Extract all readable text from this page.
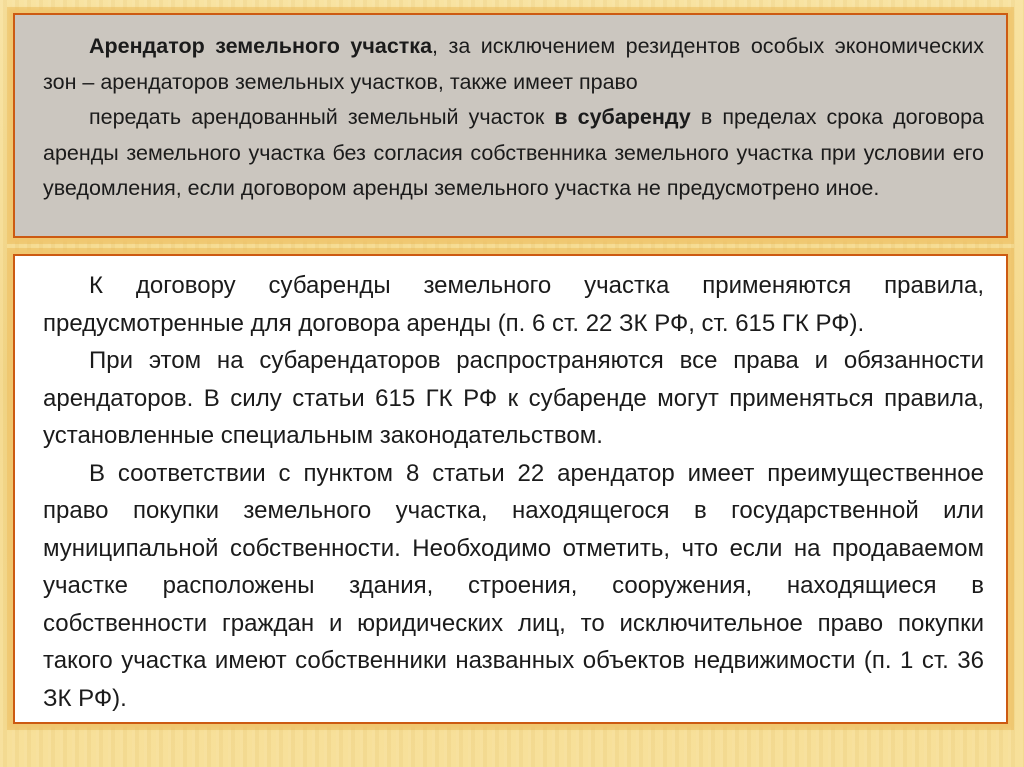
Арендатор земельного участка, за исключением резидентов особых экономических зон – арендаторов земельных участков, также имеет право

передать арендованный земельный участок в субаренду в пределах срока договора аренды земельного участка без согласия собственника земельного участка при условии его уведомления, если договором аренды земельного участка не предусмотрено иное.

К договору субаренды земельного участка применяются правила, предусмотренные для договора аренды (п. 6 ст. 22 ЗК РФ, ст. 615 ГК РФ).

При этом на субарендаторов распространяются все права и обязанности арендаторов. В силу статьи 615 ГК РФ к субаренде могут применяться правила, установленные специальным законодательством.

В соответствии с пунктом 8 статьи 22 арендатор имеет преимущественное право покупки земельного участка, находящегося в государственной или муниципальной собственности. Необходимо отметить, что если на продаваемом участке расположены здания, строения, сооружения, находящиеся в собственности граждан и юридических лиц, то исключительное право покупки такого участка имеют собственники названных объектов недвижимости (п. 1 ст. 36 ЗК РФ).
